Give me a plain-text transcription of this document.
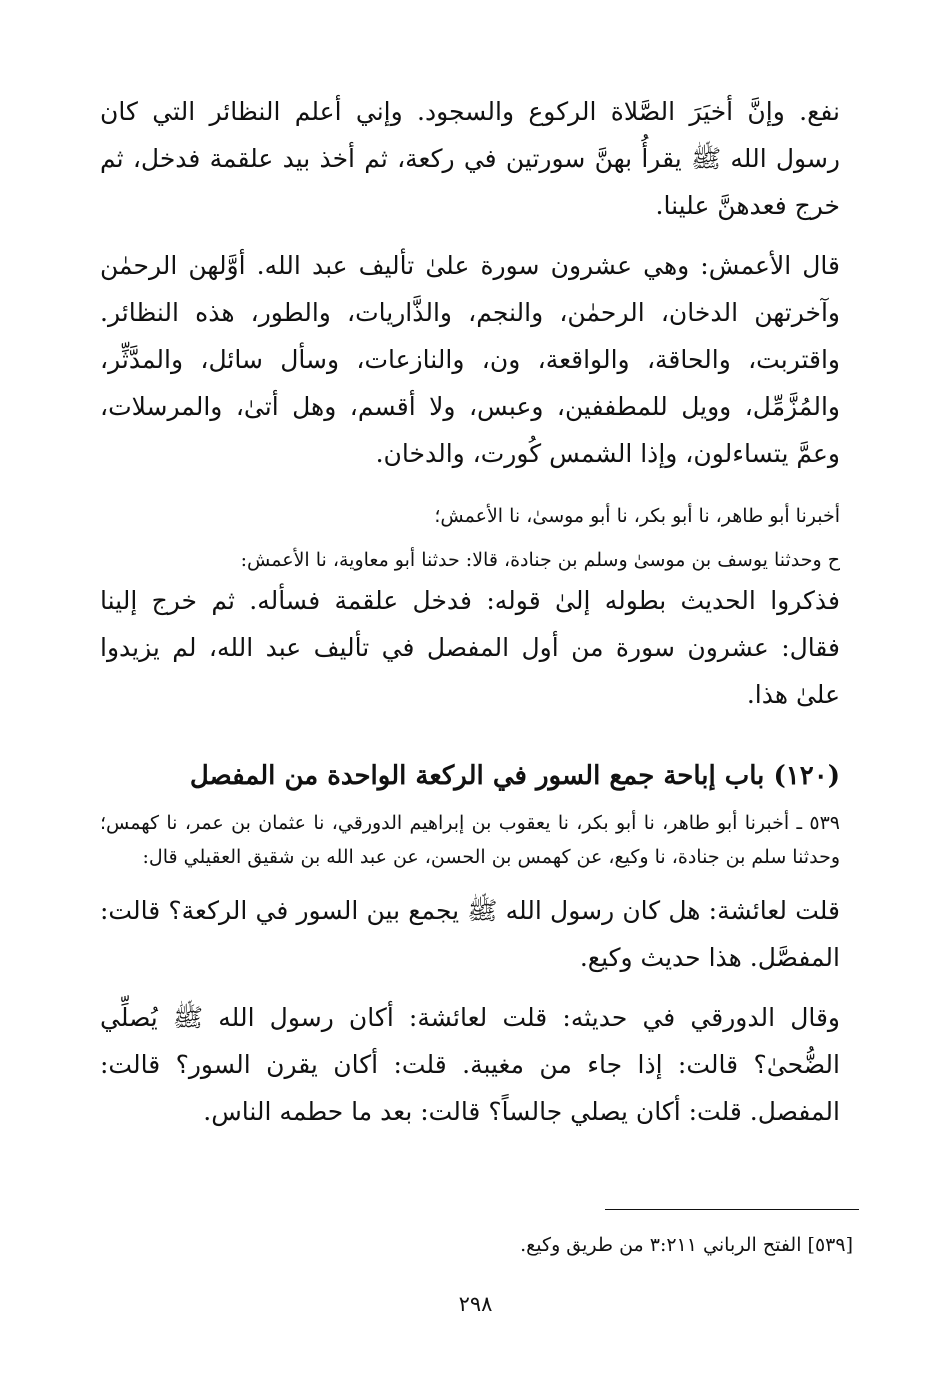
نفع. وإنَّ أخيَرَ الصَّلاة الركوع والسجود. وإني أعلم النظائر التي كان رسول الله ﷺ يقرأُ بهنَّ سورتين في ركعة، ثم أخذ بيد علقمة فدخل، ثم خرج فعدهنَّ علينا.

قال الأعمش: وهي عشرون سورة علىٰ تأليف عبد الله. أوَّلهن الرحمٰن وآخرتهن الدخان، الرحمٰن، والنجم، والذَّاريات، والطور، هذه النظائر. واقتربت، والحاقة، والواقعة، ون، والنازعات، وسأل سائل، والمدَّثِّر، والمُزَّمِّل، وويل للمطففين، وعبس، ولا أقسم، وهل أتىٰ، والمرسلات، وعمَّ يتساءلون، وإذا الشمس كُورت، والدخان.

أخبرنا أبو طاهر، نا أبو بكر، نا أبو موسىٰ، نا الأعمش؛

ح وحدثنا يوسف بن موسىٰ وسلم بن جنادة، قالا: حدثنا أبو معاوية، نا الأعمش:

فذكروا الحديث بطوله إلىٰ قوله: فدخل علقمة فسأله. ثم خرج إلينا فقال: عشرون سورة من أول المفصل في تأليف عبد الله، لم يزيدوا علىٰ هذا.

(١٢٠) باب إباحة جمع السور في الركعة الواحدة من المفصل

٥٣٩ ـ أخبرنا أبو طاهر، نا أبو بكر، نا يعقوب بن إبراهيم الدورقي، نا عثمان بن عمر، نا كهمس؛ وحدثنا سلم بن جنادة، نا وكيع، عن كهمس بن الحسن، عن عبد الله بن شقيق العقيلي قال:

قلت لعائشة: هل كان رسول الله ﷺ يجمع بين السور في الركعة؟ قالت: المفصَّل. هذا حديث وكيع.

وقال الدورقي في حديثه: قلت لعائشة: أكان رسول الله ﷺ يُصلِّي الضُّحىٰ؟ قالت: إذا جاء من مغيبة. قلت: أكان يقرن السور؟ قالت: المفصل. قلت: أكان يصلي جالساً؟ قالت: بعد ما حطمه الناس.

[٥٣٩] الفتح الرباني ٣:٢١١ من طريق وكيع.

٢٩٨
